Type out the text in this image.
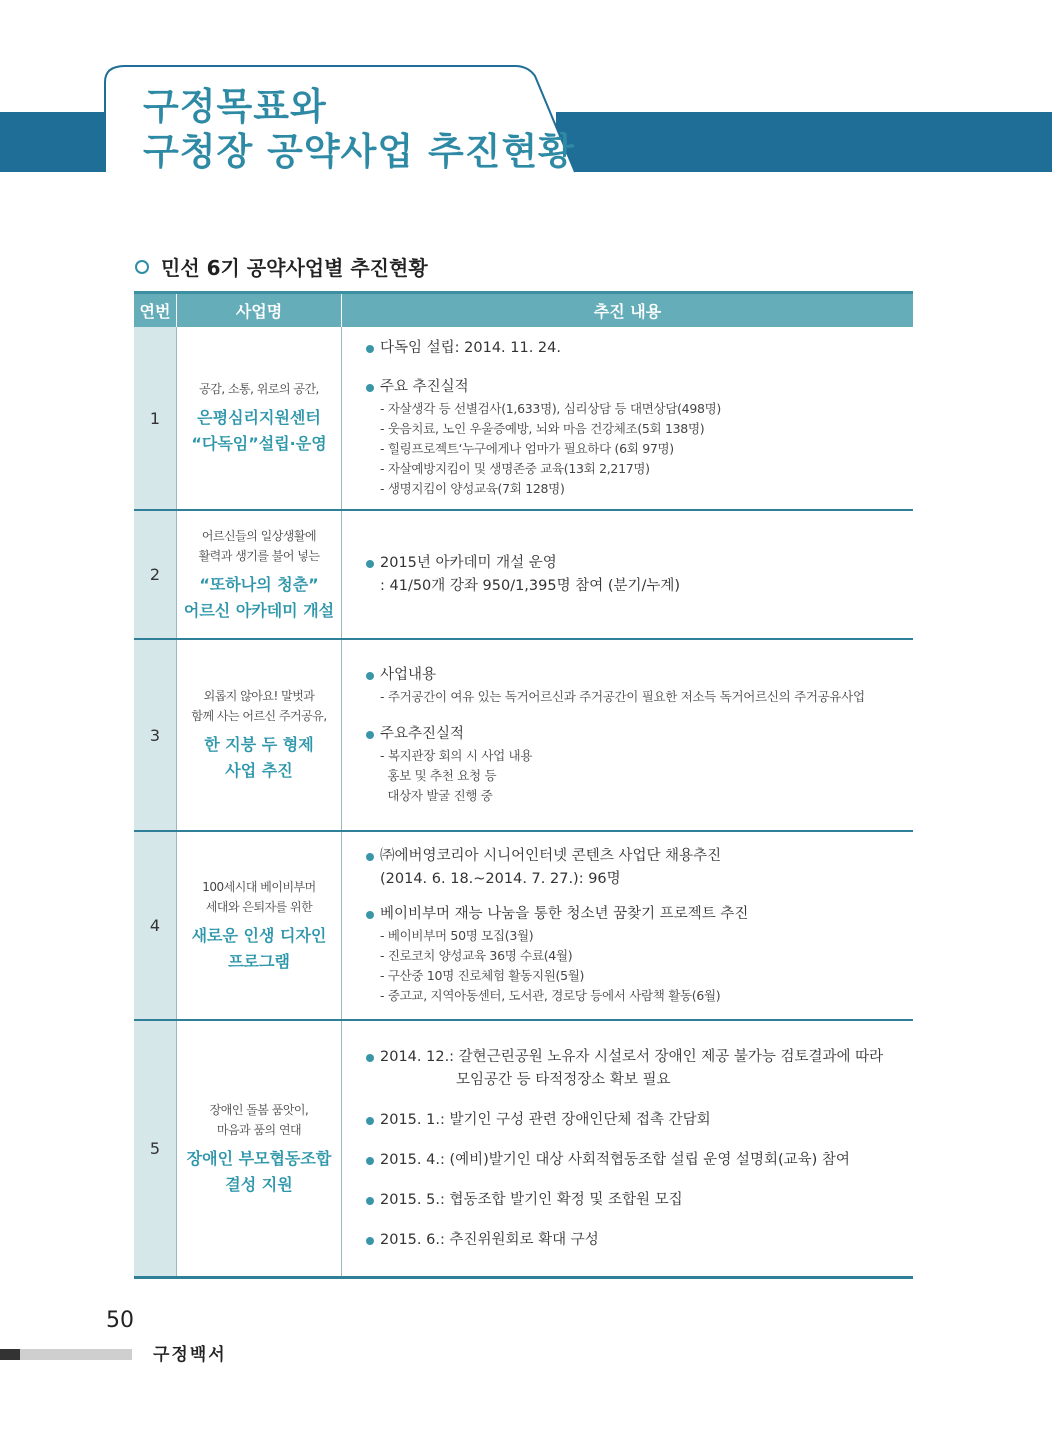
구정목표와
구청장 공약사업 추진현황
민선 6기 공약사업별 추진현황
연번	사업명	추진 내용
1
공감, 소통, 위로의 공간,
은평심리지원센터
“다독임”설립·운영
다독임 설립: 2014. 11. 24.
주요 추진실적
- 자살생각 등 선별검사(1,633명), 심리상담 등 대면상담(498명)
- 웃음치료, 노인 우울증예방, 뇌와 마음 건강체조(5회 138명)
- 힐링프로젝트‘누구에게나 엄마가 필요하다 (6회 97명)
- 자살예방지킴이 및 생명존중 교육(13회 2,217명)
- 생명지킴이 양성교육(7회 128명)
2
어르신들의 일상생활에
활력과 생기를 불어 넣는
“또하나의 청춘”
어르신 아카데미 개설
2015년 아카데미 개설 운영
: 41/50개 강좌 950/1,395명 참여 (분기/누계)
3
외롭지 않아요! 말벗과
함께 사는 어르신 주거공유,
한 지붕 두 형제
사업 추진
사업내용
- 주거공간이 여유 있는 독거어르신과 주거공간이 필요한 저소득 독거어르신의 주거공유사업
주요추진실적
- 복지관장 회의 시 사업 내용
홍보 및 추천 요청 등
대상자 발굴 진행 중
4
100세시대 베이비부머
세대와 은퇴자를 위한
새로운 인생 디자인
프로그램
㈜에버영코리아 시니어인터넷 콘텐츠 사업단 채용추진
(2014. 6. 18.~2014. 7. 27.): 96명
베이비부머 재능 나눔을 통한 청소년 꿈찾기 프로젝트 추진
- 베이비부머 50명 모집(3월)
- 진로코치 양성교육 36명 수료(4월)
- 구산중 10명 진로체험 활동지원(5월)
- 중고교, 지역아동센터, 도서관, 경로당 등에서 사람책 활동(6월)
5
장애인 돌봄 품앗이,
마음과 품의 연대
장애인 부모협동조합
결성 지원
2014. 12.: 갈현근린공원 노유자 시설로서 장애인 제공 불가능 검토결과에 따라
모임공간 등 타적정장소 확보 필요
2015. 1.: 발기인 구성 관련 장애인단체 접촉 간담회
2015. 4.: (예비)발기인 대상 사회적협동조합 설립 운영 설명회(교육) 참여
2015. 5.: 협동조합 발기인 확정 및 조합원 모집
2015. 6.: 추진위원회로 확대 구성
50
구정백서
